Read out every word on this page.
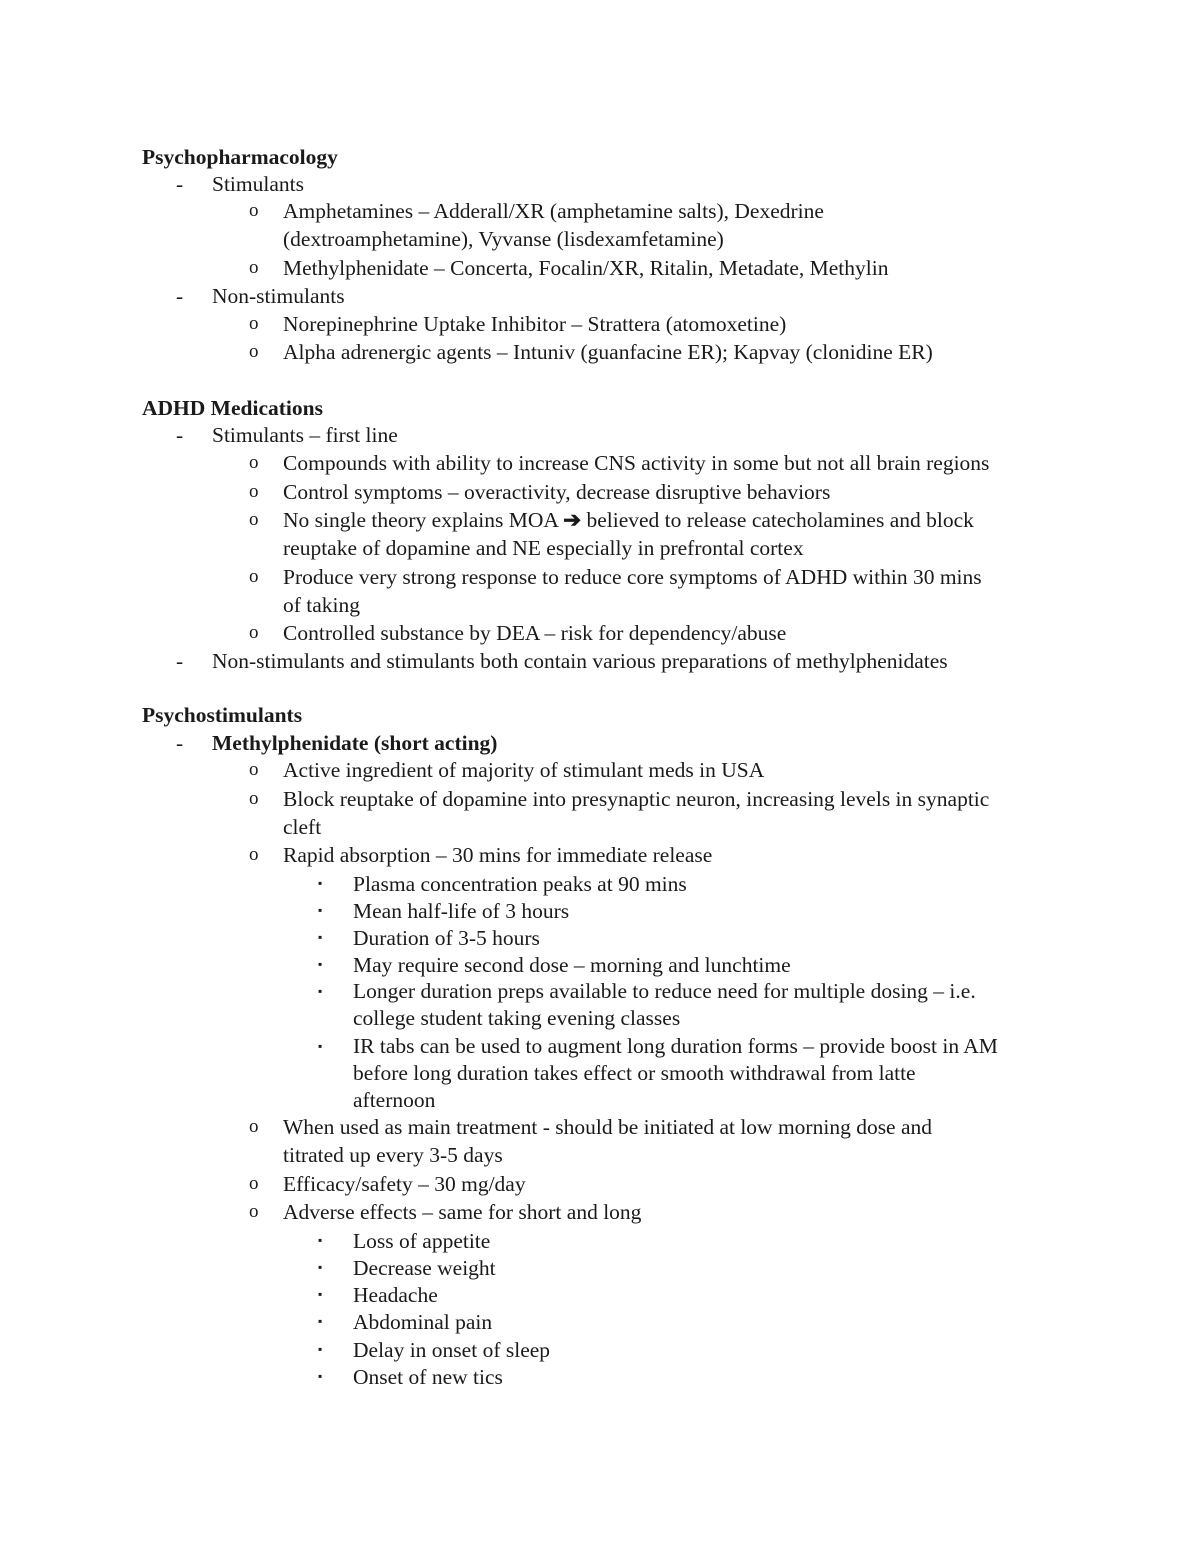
Psychopharmacology
- Stimulants
o Amphetamines – Adderall/XR (amphetamine salts), Dexedrine
(dextroamphetamine), Vyvanse (lisdexamfetamine)
o Methylphenidate – Concerta, Focalin/XR, Ritalin, Metadate, Methylin
- Non-stimulants
o Norepinephrine Uptake Inhibitor – Strattera (atomoxetine)
o Alpha adrenergic agents – Intuniv (guanfacine ER); Kapvay (clonidine ER)
ADHD Medications
- Stimulants – first line
o Compounds with ability to increase CNS activity in some but not all brain regions
o Control symptoms – overactivity, decrease disruptive behaviors
o No single theory explains MOA ➔ believed to release catecholamines and block
reuptake of dopamine and NE especially in prefrontal cortex
o Produce very strong response to reduce core symptoms of ADHD within 30 mins
of taking
o Controlled substance by DEA – risk for dependency/abuse
- Non-stimulants and stimulants both contain various preparations of methylphenidates
Psychostimulants
- Methylphenidate (short acting)
o Active ingredient of majority of stimulant meds in USA
o Block reuptake of dopamine into presynaptic neuron, increasing levels in synaptic
cleft
o Rapid absorption – 30 mins for immediate release
▪ Plasma concentration peaks at 90 mins
▪ Mean half-life of 3 hours
▪ Duration of 3-5 hours
▪ May require second dose – morning and lunchtime
▪ Longer duration preps available to reduce need for multiple dosing – i.e.
college student taking evening classes
▪ IR tabs can be used to augment long duration forms – provide boost in AM
before long duration takes effect or smooth withdrawal from latte
afternoon
o When used as main treatment - should be initiated at low morning dose and
titrated up every 3-5 days
o Efficacy/safety – 30 mg/day
o Adverse effects – same for short and long
▪ Loss of appetite
▪ Decrease weight
▪ Headache
▪ Abdominal pain
▪ Delay in onset of sleep
▪ Onset of new tics
